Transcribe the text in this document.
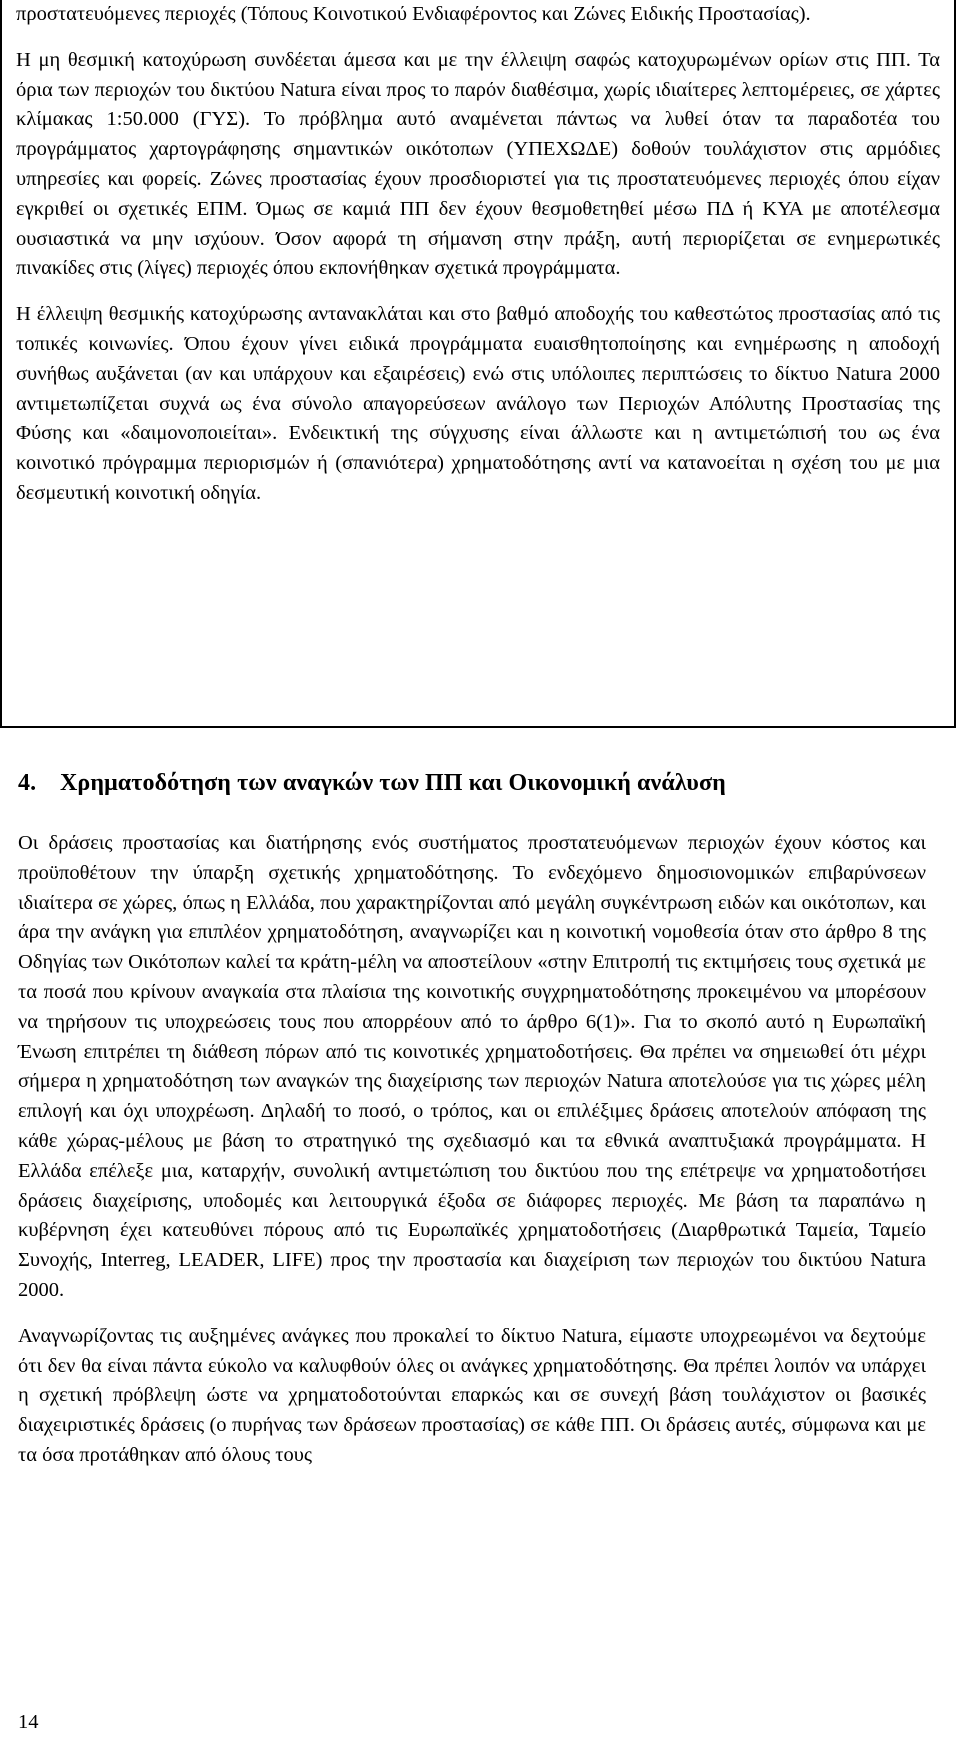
προστατευόμενες περιοχές (Τόπους Κοινοτικού Ενδιαφέροντος και Ζώνες Ειδικής Προστασίας).

Η μη θεσμική κατοχύρωση συνδέεται άμεσα και με την έλλειψη σαφώς κατοχυρωμένων ορίων στις ΠΠ. Τα όρια των περιοχών του δικτύου Natura είναι προς το παρόν διαθέσιμα, χωρίς ιδιαίτερες λεπτομέρειες, σε χάρτες κλίμακας 1:50.000 (ΓΥΣ). Το πρόβλημα αυτό αναμένεται πάντως να λυθεί όταν τα παραδοτέα του προγράμματος χαρτογράφησης σημαντικών οικότοπων (ΥΠΕΧΩΔΕ) δοθούν τουλάχιστον στις αρμόδιες υπηρεσίες και φορείς. Ζώνες προστασίας έχουν προσδιοριστεί για τις προστατευόμενες περιοχές όπου είχαν εγκριθεί οι σχετικές ΕΠΜ. Όμως σε καμιά ΠΠ δεν έχουν θεσμοθετηθεί μέσω ΠΔ ή ΚΥΑ με αποτέλεσμα ουσιαστικά να μην ισχύουν. Όσον αφορά τη σήμανση στην πράξη, αυτή περιορίζεται σε ενημερωτικές πινακίδες στις (λίγες) περιοχές όπου εκπονήθηκαν σχετικά προγράμματα.

Η έλλειψη θεσμικής κατοχύρωσης αντανακλάται και στο βαθμό αποδοχής του καθεστώτος προστασίας από τις τοπικές κοινωνίες. Όπου έχουν γίνει ειδικά προγράμματα ευαισθητοποίησης και ενημέρωσης η αποδοχή συνήθως αυξάνεται (αν και υπάρχουν και εξαιρέσεις) ενώ στις υπόλοιπες περιπτώσεις το δίκτυο Natura 2000 αντιμετωπίζεται συχνά ως ένα σύνολο απαγορεύσεων ανάλογο των Περιοχών Απόλυτης Προστασίας της Φύσης και «δαιμονοποιείται». Ενδεικτική της σύγχυσης είναι άλλωστε και η αντιμετώπισή του ως ένα κοινοτικό πρόγραμμα περιορισμών ή (σπανιότερα) χρηματοδότησης αντί να κατανοείται η σχέση του με μια δεσμευτική κοινοτική οδηγία.

4. Χρηματοδότηση των αναγκών των ΠΠ και Οικονομική ανάλυση

Οι δράσεις προστασίας και διατήρησης ενός συστήματος προστατευόμενων περιοχών έχουν κόστος και προϋποθέτουν την ύπαρξη σχετικής χρηματοδότησης. Το ενδεχόμενο δημοσιονομικών επιβαρύνσεων ιδιαίτερα σε χώρες, όπως η Ελλάδα, που χαρακτηρίζονται από μεγάλη συγκέντρωση ειδών και οικότοπων, και άρα την ανάγκη για επιπλέον χρηματοδότηση, αναγνωρίζει και η κοινοτική νομοθεσία όταν στο άρθρο 8 της Οδηγίας των Οικότοπων καλεί τα κράτη-μέλη να αποστείλουν «στην Επιτροπή τις εκτιμήσεις τους σχετικά με τα ποσά που κρίνουν αναγκαία στα πλαίσια της κοινοτικής συγχρηματοδότησης προκειμένου να μπορέσουν να τηρήσουν τις υποχρεώσεις τους που απορρέουν από το άρθρο 6(1)». Για το σκοπό αυτό η Ευρωπαϊκή Ένωση επιτρέπει τη διάθεση πόρων από τις κοινοτικές χρηματοδοτήσεις. Θα πρέπει να σημειωθεί ότι μέχρι σήμερα η χρηματοδότηση των αναγκών της διαχείρισης των περιοχών Natura αποτελούσε για τις χώρες μέλη επιλογή και όχι υποχρέωση. Δηλαδή το ποσό, ο τρόπος, και οι επιλέξιμες δράσεις αποτελούν απόφαση της κάθε χώρας-μέλους με βάση το στρατηγικό της σχεδιασμό και τα εθνικά αναπτυξιακά προγράμματα. Η Ελλάδα επέλεξε μια, καταρχήν, συνολική αντιμετώπιση του δικτύου που της επέτρεψε να χρηματοδοτήσει δράσεις διαχείρισης, υποδομές και λειτουργικά έξοδα σε διάφορες περιοχές. Με βάση τα παραπάνω η κυβέρνηση έχει κατευθύνει πόρους από τις Ευρωπαϊκές χρηματοδοτήσεις (Διαρθρωτικά Ταμεία, Ταμείο Συνοχής, Interreg, LEADER, LIFE) προς την προστασία και διαχείριση των περιοχών του δικτύου Natura 2000.

Αναγνωρίζοντας τις αυξημένες ανάγκες που προκαλεί το δίκτυο Natura, είμαστε υποχρεωμένοι να δεχτούμε ότι δεν θα είναι πάντα εύκολο να καλυφθούν όλες οι ανάγκες χρηματοδότησης. Θα πρέπει λοιπόν να υπάρχει η σχετική πρόβλεψη ώστε να χρηματοδοτούνται επαρκώς και σε συνεχή βάση τουλάχιστον οι βασικές διαχειριστικές δράσεις (ο πυρήνας των δράσεων προστασίας) σε κάθε ΠΠ. Οι δράσεις αυτές, σύμφωνα και με τα όσα προτάθηκαν από όλους τους

14
